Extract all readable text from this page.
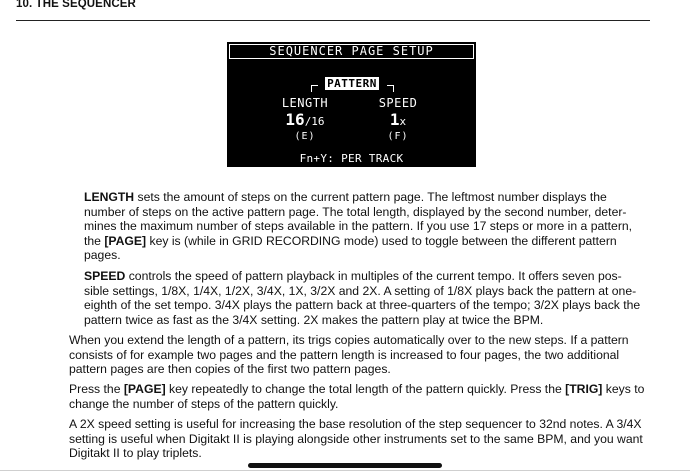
10. THE SEQUENCER
SEQUENCER PAGE SETUP
PATTERN
LENGTH
16/16
(E)
SPEED
1x
(F)
Fn+Y: PER TRACK
LENGTH sets the amount of steps on the current pattern page. The leftmost number displays the number of steps on the active pattern page. The total length, displayed by the second number, deter-mines the maximum number of steps available in the pattern. If you use 17 steps or more in a pattern, the [PAGE] key is (while in GRID RECORDING mode) used to toggle between the different pattern pages.
SPEED controls the speed of pattern playback in multiples of the current tempo. It offers seven pos-sible settings, 1/8X, 1/4X, 1/2X, 3/4X, 1X, 3/2X and 2X. A setting of 1/8X plays back the pattern at one-eighth of the set tempo. 3/4X plays the pattern back at three-quarters of the tempo; 3/2X plays back the pattern twice as fast as the 3/4X setting. 2X makes the pattern play at twice the BPM.
When you extend the length of a pattern, its trigs copies automatically over to the new steps. If a pattern consists of for example two pages and the pattern length is increased to four pages, the two additional pattern pages are then copies of the first two pattern pages.
Press the [PAGE] key repeatedly to change the total length of the pattern quickly. Press the [TRIG] keys to change the number of steps of the pattern quickly.
A 2X speed setting is useful for increasing the base resolution of the step sequencer to 32nd notes. A 3/4X setting is useful when Digitakt II is playing alongside other instruments set to the same BPM, and you want Digitakt II to play triplets.
